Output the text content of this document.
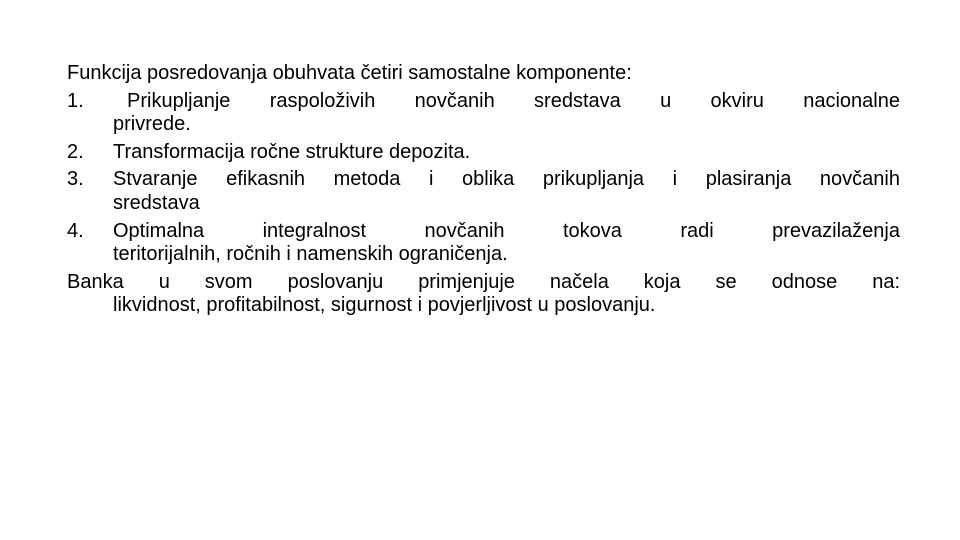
Funkcija posredovanja obuhvata četiri samostalne komponente:

1.	Prikupljanje raspoloživih novčanih sredstava u okviru nacionalne
privrede.
2. Transformacija ročne strukture depozita.
3. Stvaranje efikasnih metoda i oblika prikupljanja i plasiranja novčanih
sredstava
4. Optimalna integralnost novčanih tokova radi prevazilaženja
teritorijalnih, ročnih i namenskih ograničenja.

Banka u svom poslovanju primjenjuje načela koja se odnose na:
likvidnost, profitabilnost, sigurnost i povjerljivost u poslovanju.
